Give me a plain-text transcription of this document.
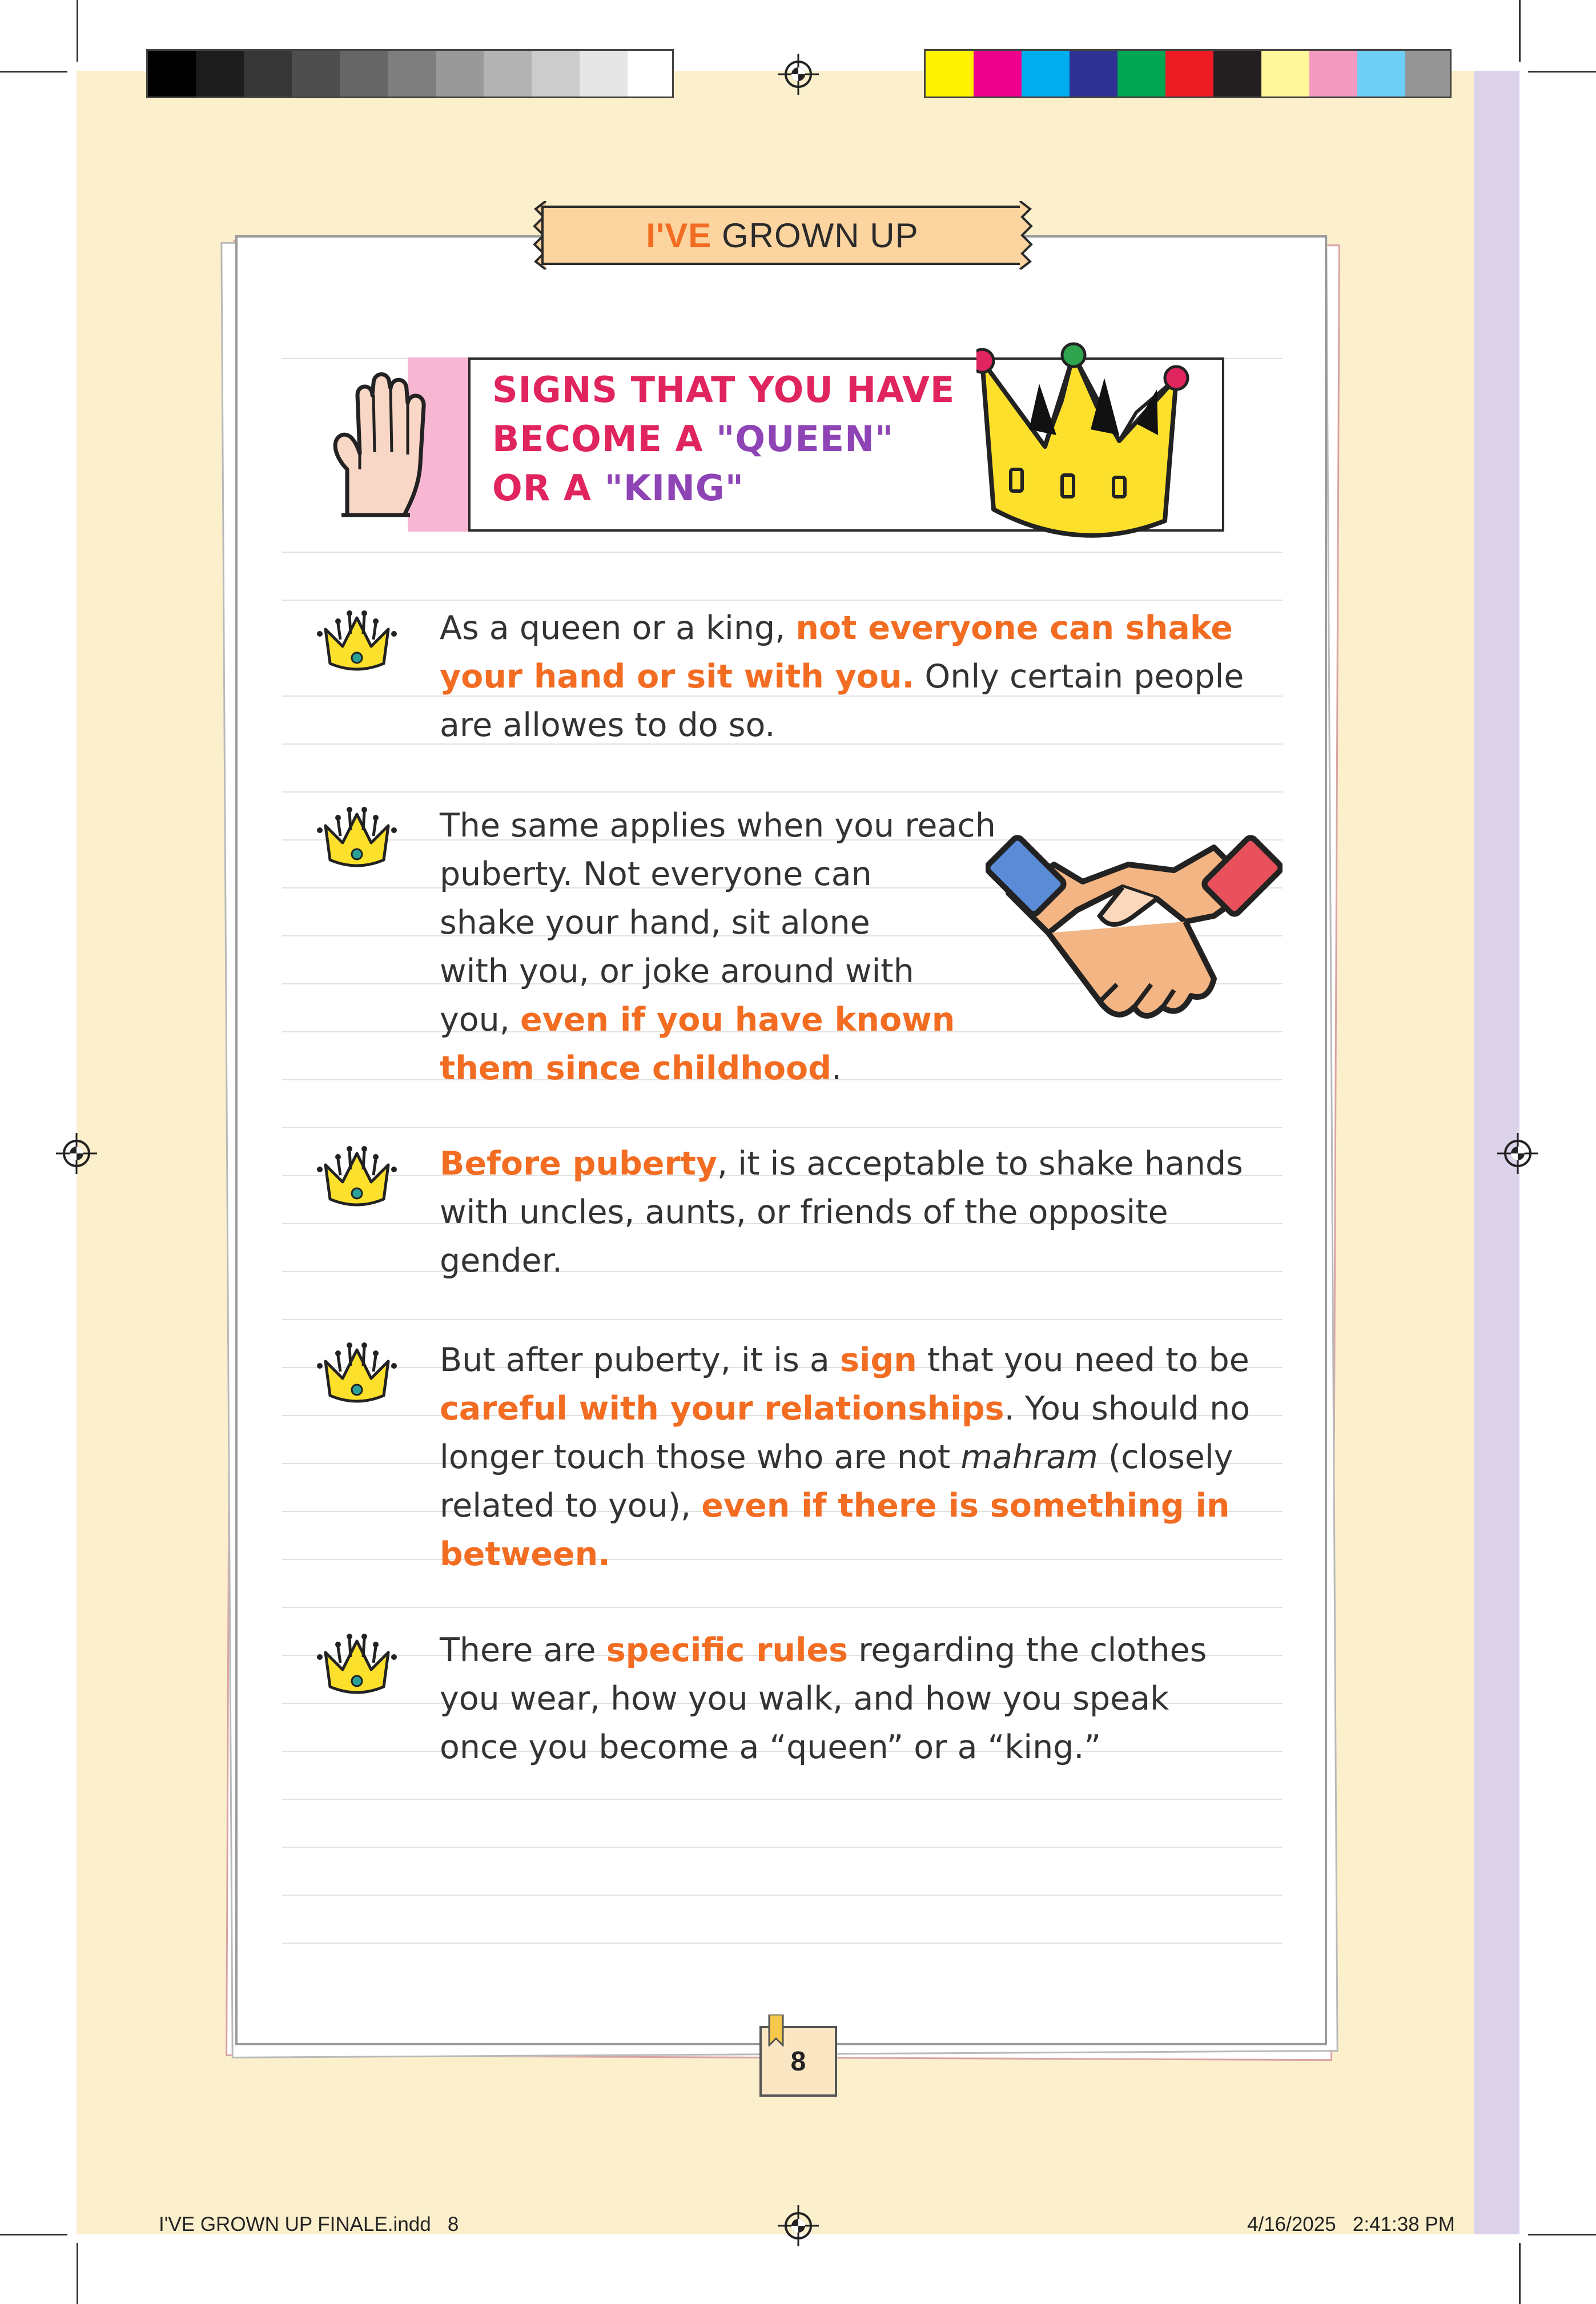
I'VE GROWN UP FINALE.indd   8	4/16/2025   2:41:38 PM
I'VE GROWN UP
SIGNS THAT YOU HAVE
BECOME A "QUEEN"
OR A "KING"
As a queen or a king, not everyone can shake your hand or sit with you. Only certain people are allowes to do so.
The same applies when you reach
puberty. Not everyone can
shake your hand, sit alone
with you, or joke around with
you, even if you have known
them since childhood.
Before puberty, it is acceptable to shake hands with uncles, aunts, or friends of the opposite gender.
But after puberty, it is a sign that you need to be careful with your relationships. You should no longer touch those who are not mahram (closely related to you), even if there is something in between.
There are specific rules regarding the clothes you wear, how you walk, and how you speak once you become a “queen” or a “king.”
8
